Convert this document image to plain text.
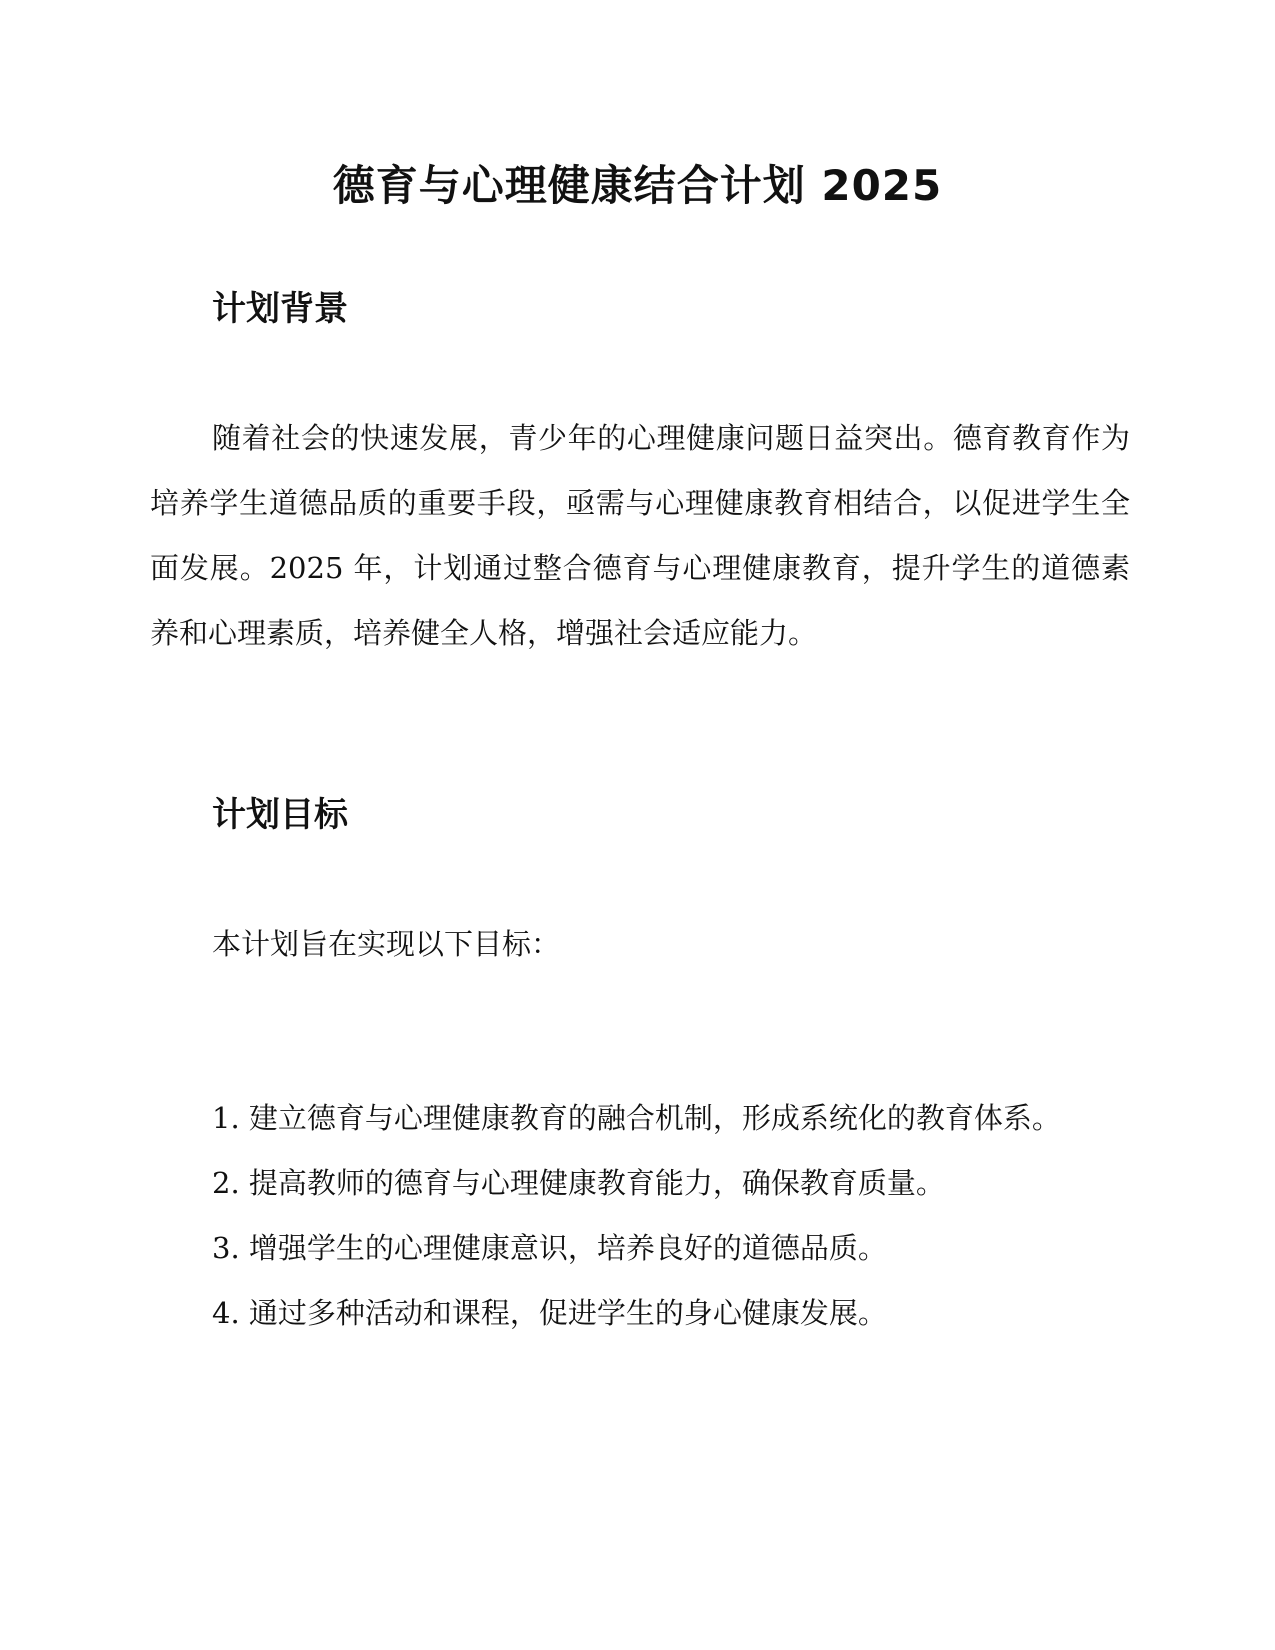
德育与心理健康结合计划 2025
计划背景

随着社会的快速发展，青少年的心理健康问题日益突出。德育教育作为培养学生道德品质的重要手段，亟需与心理健康教育相结合，以促进学生全面发展。2025 年，计划通过整合德育与心理健康教育，提升学生的道德素养和心理素质，培养健全人格，增强社会适应能力。

计划目标

本计划旨在实现以下目标：

1. 建立德育与心理健康教育的融合机制，形成系统化的教育体系。
2. 提高教师的德育与心理健康教育能力，确保教育质量。
3. 增强学生的心理健康意识，培养良好的道德品质。
4. 通过多种活动和课程，促进学生的身心健康发展。
